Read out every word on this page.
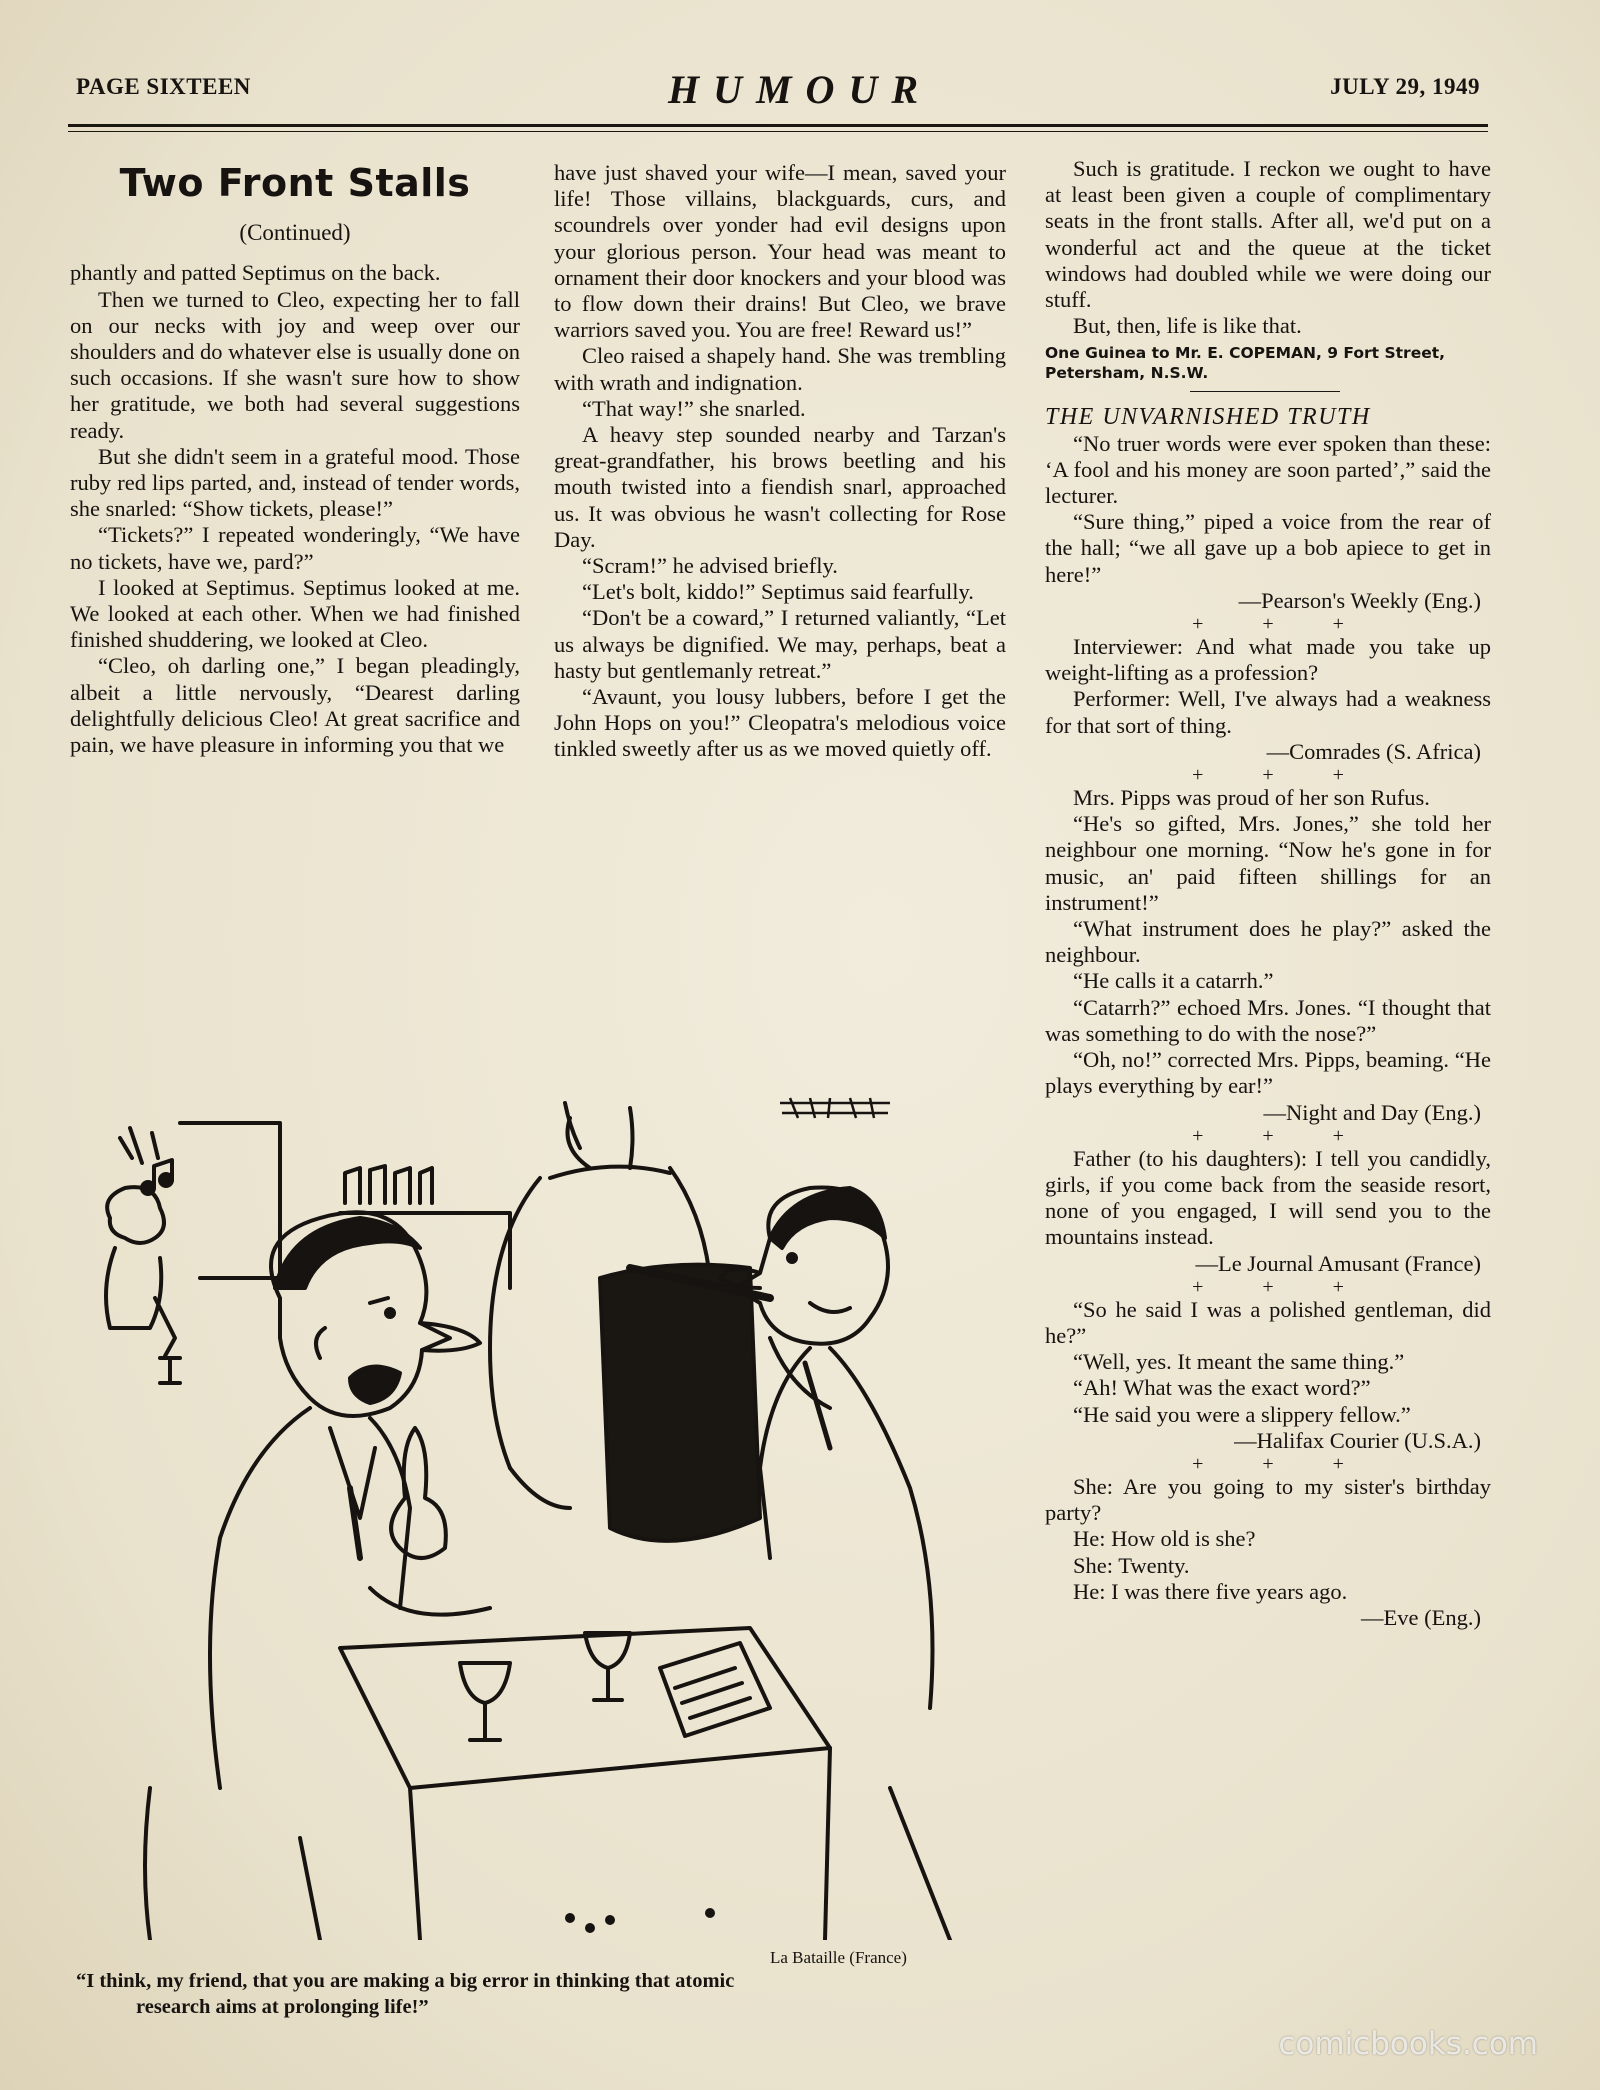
PAGE SIXTEEN	HUMOUR	JULY 29, 1949
Two Front Stalls

(Continued)

phantly and patted Septimus on the back.

Then we turned to Cleo, expecting her to fall on our necks with joy and weep over our shoulders and do whatever else is usually done on such occasions. If she wasn't sure how to show her gratitude, we both had several suggestions ready.

But she didn't seem in a grateful mood. Those ruby red lips parted, and, instead of tender words, she snarled: “Show tickets, please!”

“Tickets?” I repeated wonderingly, “We have no tickets, have we, pard?”

I looked at Septimus. Septimus looked at me. We looked at each other. When we had finished finished shuddering, we looked at Cleo.

“Cleo, oh darling one,” I began pleadingly, albeit a little nervously, “Dearest darling delightfully delicious Cleo! At great sacrifice and pain, we have pleasure in informing you that we

have just shaved your wife—I mean, saved your life! Those villains, blackguards, curs, and scoundrels over yonder had evil designs upon your glorious person. Your head was meant to ornament their door knockers and your blood was to flow down their drains! But Cleo, we brave warriors saved you. You are free! Reward us!”

Cleo raised a shapely hand. She was trembling with wrath and indignation.

“That way!” she snarled.

A heavy step sounded nearby and Tarzan's great-grandfather, his brows beetling and his mouth twisted into a fiendish snarl, approached us. It was obvious he wasn't collecting for Rose Day.

“Scram!” he advised briefly.

“Let's bolt, kiddo!” Septimus said fearfully.

“Don't be a coward,” I returned valiantly, “Let us always be dignified. We may, perhaps, beat a hasty but gentlemanly retreat.”

“Avaunt, you lousy lubbers, before I get the John Hops on you!” Cleopatra's melodious voice tinkled sweetly after us as we moved quietly off.

Such is gratitude. I reckon we ought to have at least been given a couple of complimentary seats in the front stalls. After all, we'd put on a wonderful act and the queue at the ticket windows had doubled while we were doing our stuff.

But, then, life is like that.

One Guinea to Mr. E. COPEMAN, 9 Fort Street, Petersham, N.S.W.

THE UNVARNISHED TRUTH

“No truer words were ever spoken than these: ‘A fool and his money are soon parted’,” said the lecturer.

“Sure thing,” piped a voice from the rear of the hall; “we all gave up a bob apiece to get in here!”

—Pearson's Weekly (Eng.)

+ + +

Interviewer: And what made you take up weight-lifting as a profession?

Performer: Well, I've always had a weakness for that sort of thing.

—Comrades (S. Africa)

+ + +

Mrs. Pipps was proud of her son Rufus.

“He's so gifted, Mrs. Jones,” she told her neighbour one morning. “Now he's gone in for music, an' paid fifteen shillings for an instrument!”

“What instrument does he play?” asked the neighbour.

“He calls it a catarrh.”

“Catarrh?” echoed Mrs. Jones. “I thought that was something to do with the nose?”

“Oh, no!” corrected Mrs. Pipps, beaming. “He plays everything by ear!”

—Night and Day (Eng.)

+ + +

Father (to his daughters): I tell you candidly, girls, if you come back from the seaside resort, none of you engaged, I will send you to the mountains instead.

—Le Journal Amusant (France)

+ + +

“So he said I was a polished gentleman, did he?”

“Well, yes. It meant the same thing.”

“Ah! What was the exact word?”

“He said you were a slippery fellow.”

—Halifax Courier (U.S.A.)

+ + +

She: Are you going to my sister's birthday party?

He: How old is she?

She: Twenty.

He: I was there five years ago.

—Eve (Eng.)

La Bataille (France)
“I think, my friend, that you are making a big error in thinking that atomic
research aims at prolonging life!”
comicbooks.com
